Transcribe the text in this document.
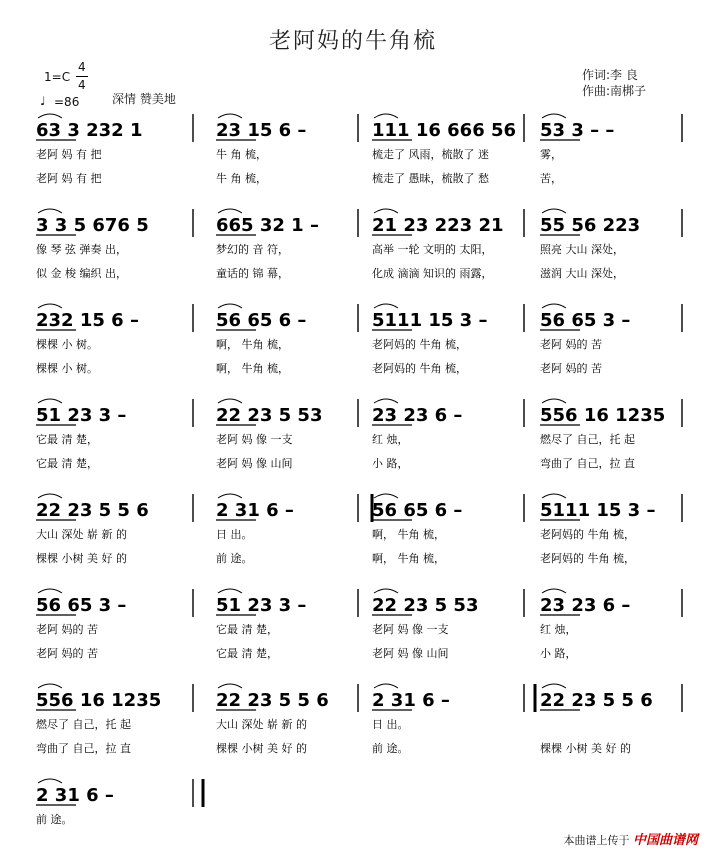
老阿妈的牛角梳
1=C
4
4
♩ =86	深情 赞美地
作词:李 良
作曲:南梆子
63 3 232 1
老阿 妈 有 把
老阿 妈 有 把
23 15 6 –
牛 角 梳，
牛 角 梳，
111 16 666 56
梳走了 风雨，梳散了 迷
梳走了 愚昧，梳散了 愁
53 3 – –
雾，
苦，
3 3 5 676 5
像 琴 弦 弹奏 出，
似 金 梭 编织 出，
665 32 1 –
梦幻的 音 符，
童话的 锦 幕，
21 23 223 21
高举 一轮 文明的 太阳，
化成 滴滴 知识的 雨露，
55 56 223
照亮 大山 深处，
滋润 大山 深处，
232 15 6 –
棵棵 小 树。
棵棵 小 树。
56 65 6 –
啊， 牛角 梳，
啊， 牛角 梳，
5111 15 3 –
老阿妈的 牛角 梳，
老阿妈的 牛角 梳，
56 65 3 –
老阿 妈的 苦
老阿 妈的 苦
51 23 3 –
它最 清 楚，
它最 清 楚，
22 23 5 53
老阿 妈 像 一支
老阿 妈 像 山间
23 23 6 –
红 烛，
小 路，
556 16 1235
燃尽了 自己，托 起
弯曲了 自己，拉 直
22 23 5 5 6
大山 深处 崭 新 的
棵棵 小树 美 好 的
2 31 6 –
日 出。
前 途。
56 65 6 –
啊， 牛角 梳，
啊， 牛角 梳，
5111 15 3 –
老阿妈的 牛角 梳，
老阿妈的 牛角 梳，
56 65 3 –
老阿 妈的 苦
老阿 妈的 苦
51 23 3 –
它最 清 楚，
它最 清 楚，
22 23 5 53
老阿 妈 像 一支
老阿 妈 像 山间
23 23 6 –
红 烛，
小 路，
556 16 1235
燃尽了 自己，托 起
弯曲了 自己，拉 直
22 23 5 5 6
大山 深处 崭 新 的
棵棵 小树 美 好 的
2 31 6 –
日 出。
前 途。
22 23 5 5 6
棵棵 小树 美 好 的
2 31 6 –
前 途。
本曲谱上传于 中国曲谱网
